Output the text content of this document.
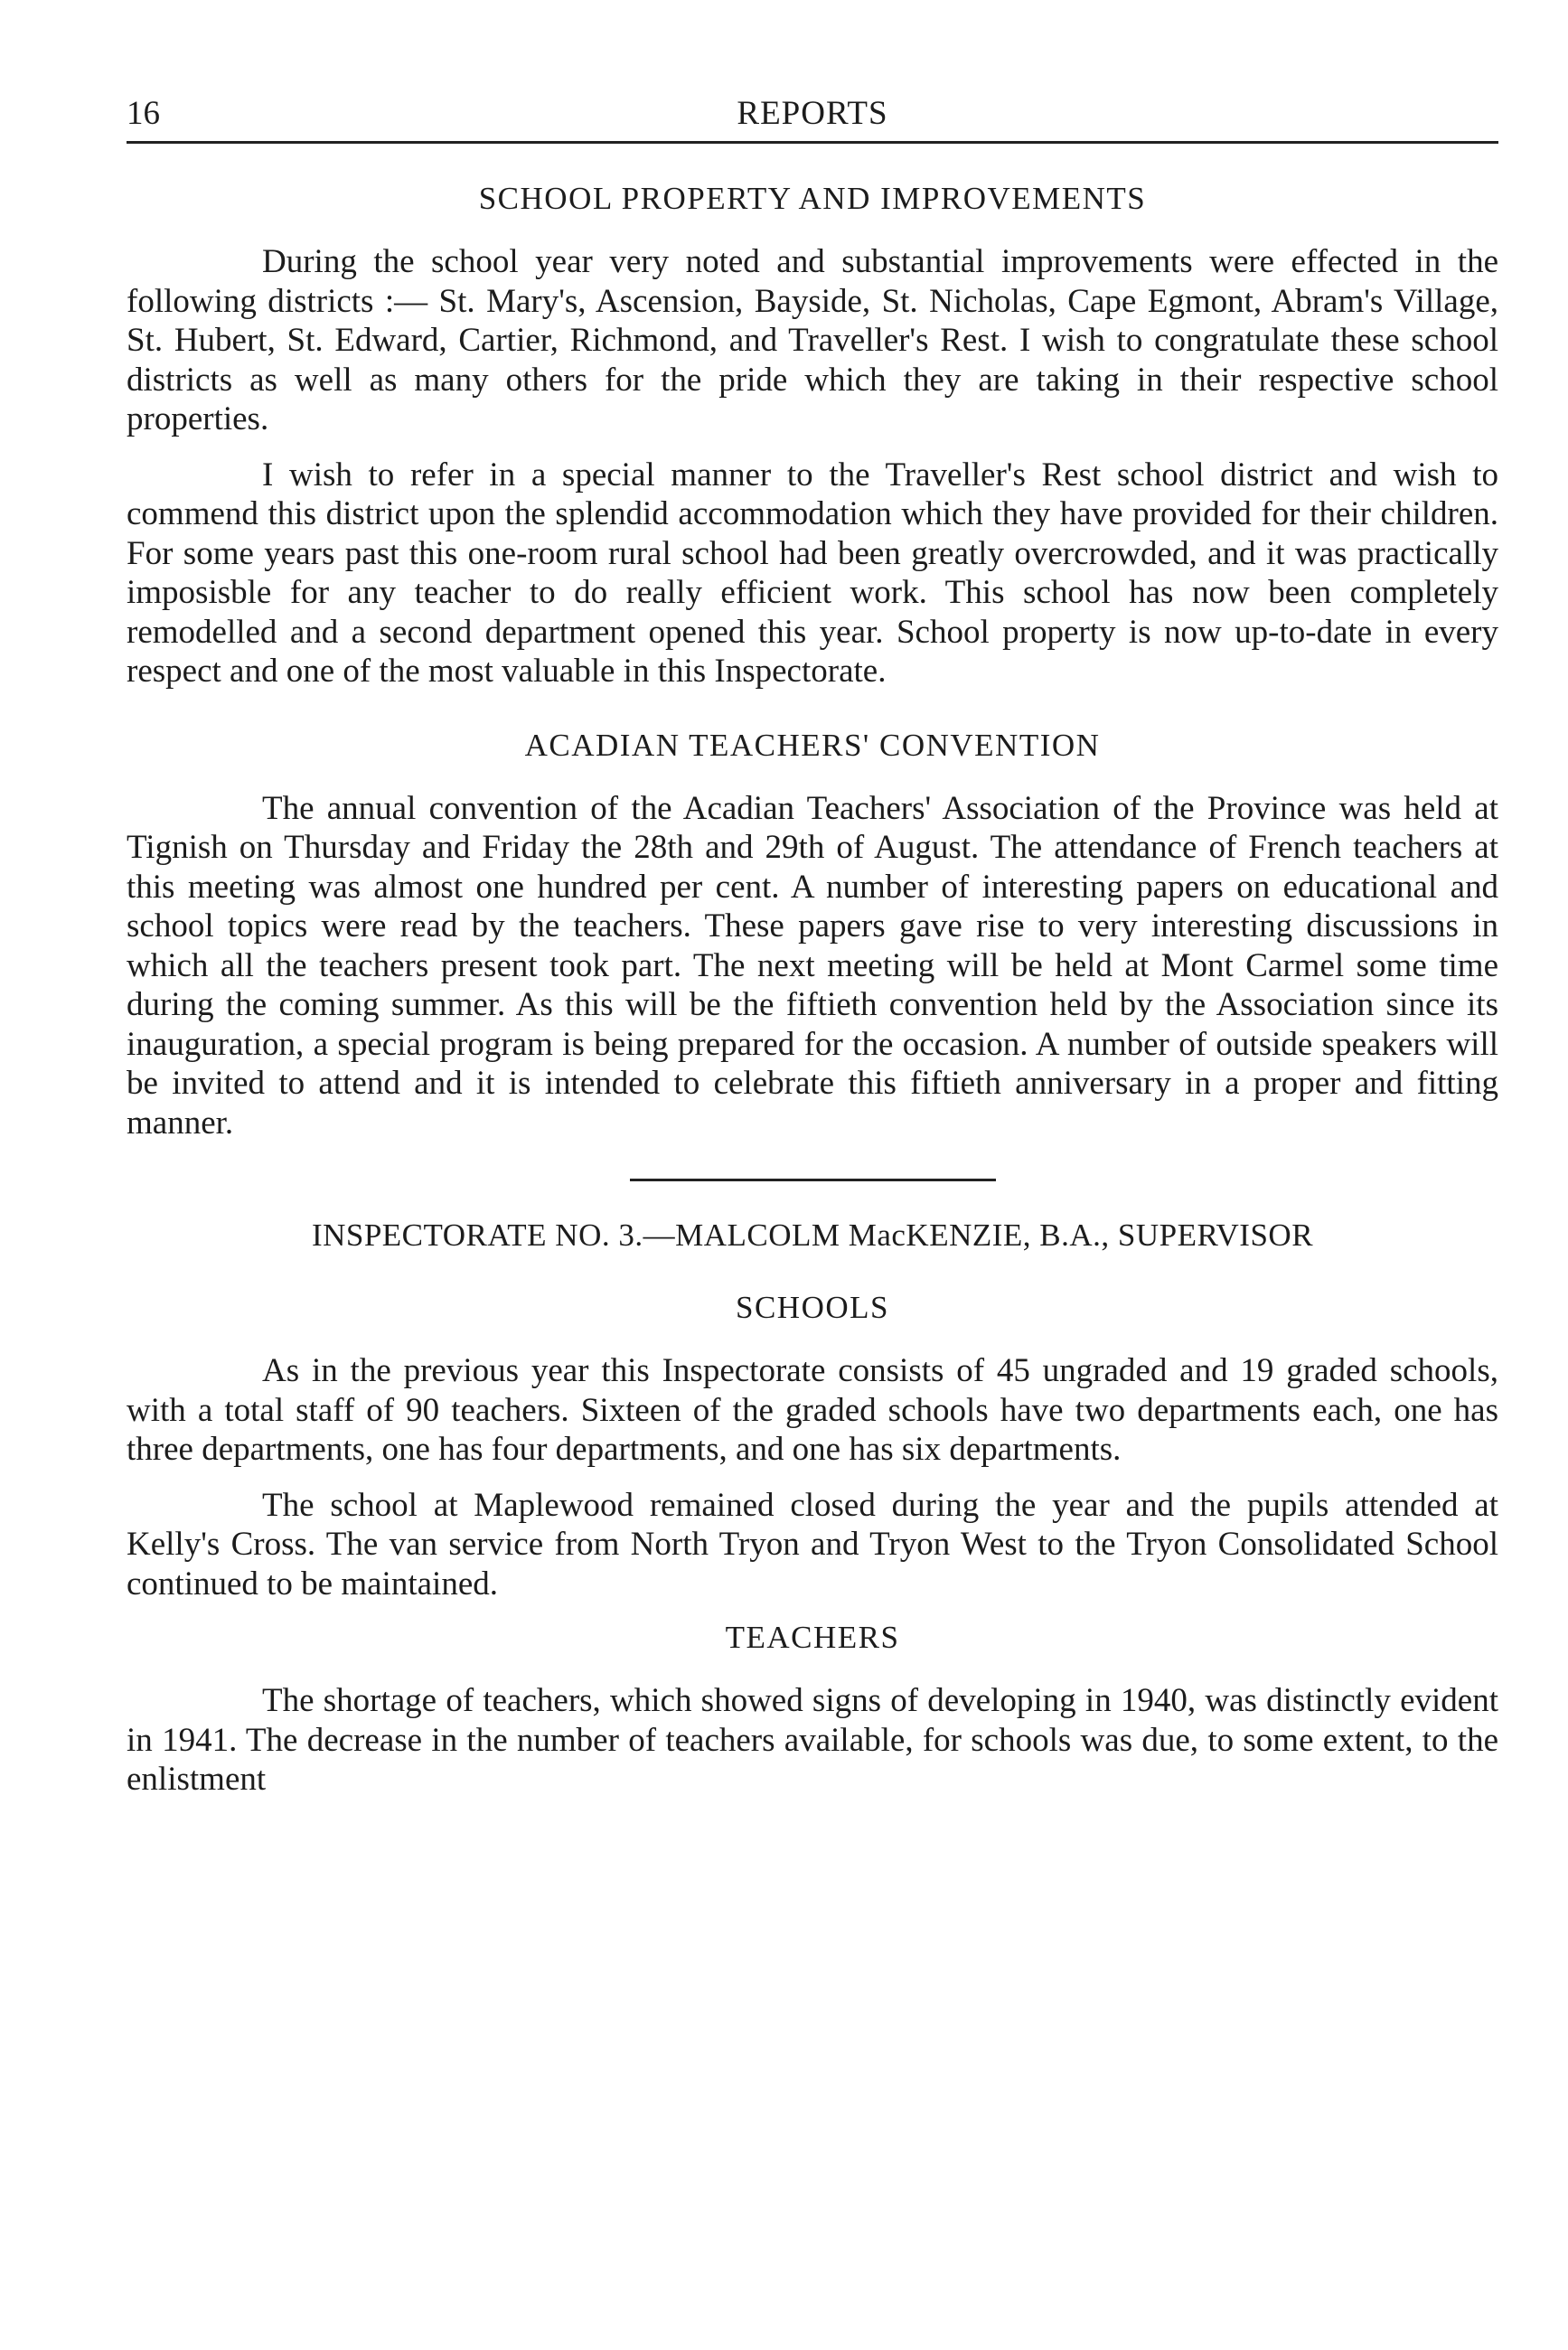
16	REPORTS
SCHOOL PROPERTY AND IMPROVEMENTS

During the school year very noted and substantial improvements were effected in the following districts :— St. Mary's, Ascension, Bayside, St. Nicholas, Cape Egmont, Abram's Village, St. Hubert, St. Edward, Cartier, Richmond, and Traveller's Rest. I wish to congratulate these school districts as well as many others for the pride which they are taking in their respective school properties.

I wish to refer in a special manner to the Traveller's Rest school district and wish to commend this district upon the splendid accommodation which they have provided for their children. For some years past this one-room rural school had been greatly overcrowded, and it was practically imposisble for any teacher to do really efficient work. This school has now been completely remodelled and a second department opened this year. School property is now up-to-date in every respect and one of the most valuable in this Inspectorate.

ACADIAN TEACHERS' CONVENTION

The annual convention of the Acadian Teachers' Association of the Province was held at Tignish on Thursday and Friday the 28th and 29th of August. The attendance of French teachers at this meeting was almost one hundred per cent. A number of interesting papers on educational and school topics were read by the teachers. These papers gave rise to very interesting discussions in which all the teachers present took part. The next meeting will be held at Mont Carmel some time during the coming summer. As this will be the fiftieth convention held by the Association since its inauguration, a special program is being prepared for the occasion. A number of outside speakers will be invited to attend and it is intended to celebrate this fiftieth anniversary in a proper and fitting manner.

INSPECTORATE NO. 3.—MALCOLM MacKENZIE, B.A., SUPERVISOR
SCHOOLS

As in the previous year this Inspectorate consists of 45 ungraded and 19 graded schools, with a total staff of 90 teachers. Sixteen of the graded schools have two departments each, one has three departments, one has four departments, and one has six departments.

The school at Maplewood remained closed during the year and the pupils attended at Kelly's Cross. The van service from North Tryon and Tryon West to the Tryon Consolidated School continued to be maintained.

TEACHERS

The shortage of teachers, which showed signs of developing in 1940, was distinctly evident in 1941. The decrease in the number of teachers available, for schools was due, to some extent, to the enlistment
